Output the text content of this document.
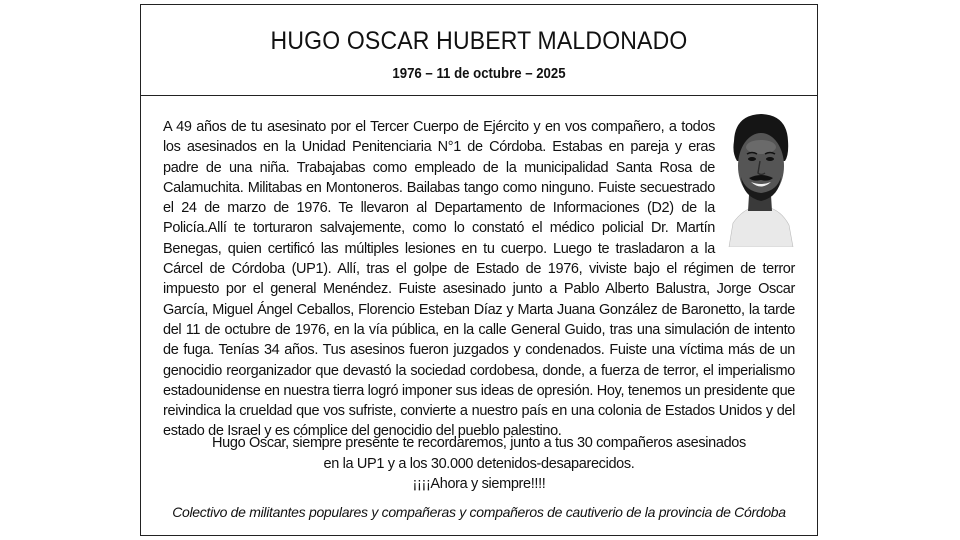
HUGO OSCAR HUBERT MALDONADO
1976 – 11 de octubre – 2025
A 49 años de tu asesinato por el Tercer Cuerpo de Ejército y en vos compañero, a todos los asesinados en la Unidad Penitenciaria N°1 de Córdoba. Estabas en pareja y eras padre de una niña. Trabajabas como empleado de la municipalidad Santa Rosa de Calamuchita. Militabas en Montoneros. Bailabas tango como ninguno. Fuiste secuestrado el 24 de marzo de 1976. Te llevaron al Departamento de Informaciones (D2) de la Policía.Allí te torturaron salvajemente, como lo constató el médico policial Dr. Martín Benegas, quien certificó las múltiples lesiones en tu cuerpo. Luego te trasladaron a la Cárcel de Córdoba (UP1). Allí, tras el golpe de Estado de 1976, viviste bajo el régimen de terror impuesto por el general Menéndez. Fuiste asesinado junto a Pablo Alberto Balustra, Jorge Oscar García, Miguel Ángel Ceballos, Florencio Esteban Díaz y Marta Juana González de Baronetto, la tarde del 11 de octubre de 1976, en la vía pública, en la calle General Guido, tras una simulación de intento de fuga. Tenías 34 años. Tus asesinos fueron juzgados y condenados. Fuiste una víctima más de un genocidio reorganizador que devastó la sociedad cordobesa, donde, a fuerza de terror, el imperialismo estadounidense en nuestra tierra logró imponer sus ideas de opresión. Hoy, tenemos un presidente que reivindica la crueldad que vos sufriste, convierte a nuestro país en una colonia de Estados Unidos y del estado de Israel y es cómplice del genocidio del pueblo palestino.
Hugo Oscar, siempre presente te recordaremos, junto a tus 30 compañeros asesinados
en la UP1 y a los 30.000 detenidos-desaparecidos.
¡¡¡¡Ahora y siempre!!!!
Colectivo de militantes populares y compañeras y compañeros de cautiverio de la provincia de Córdoba
